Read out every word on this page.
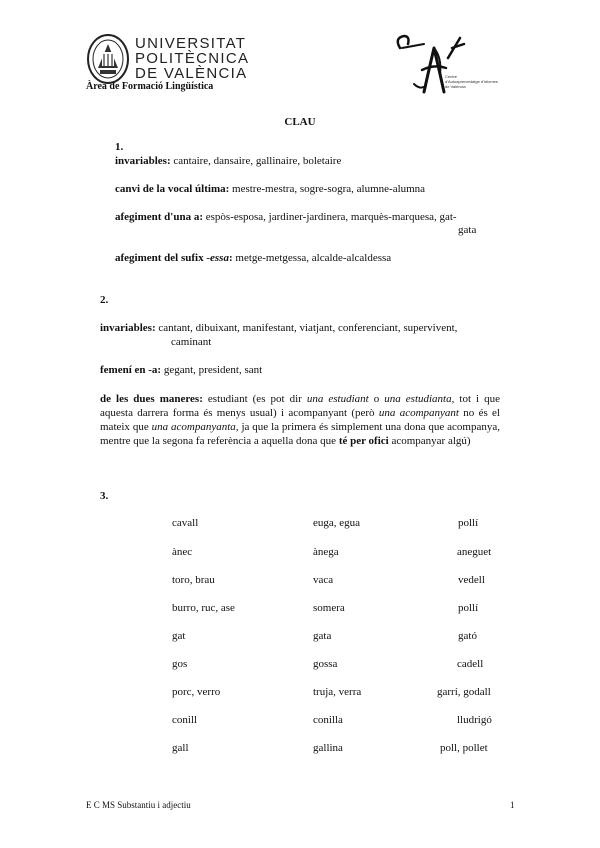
UNIVERSITAT
POLITÈCNICA
DE VALÈNCIA
Àrea de Formació Lingüística
Centre
d'Autoaprenentatge d'Idiomes
de València
CLAU
1.
invariables: cantaire, dansaire, gallinaire, boletaire
canvi de la vocal última: mestre-mestra, sogre-sogra, alumne-alumna
afegiment d'una a: espòs-esposa, jardiner-jardinera, marquès-marquesa, gat-
gata
afegiment del sufix -essa: metge-metgessa, alcalde-alcaldessa
2.
invariables: cantant, dibuixant, manifestant, viatjant, conferenciant, supervivent,
caminant
femení en -a: gegant, president, sant
de les dues maneres: estudiant (es pot dir una estudiant o una estudianta, tot i que aquesta darrera forma és menys usual) i acompanyant (però una acompanyant no és el mateix que una acompanyanta, ja que la primera és simplement una dona que acompanya, mentre que la segona fa referència a aquella dona que té per ofici acompanyar algú)
3.
cavall	euga, egua	pollí
ànec	ànega	aneguet
toro, brau	vaca	vedell
burro, ruc, ase	somera	pollí
gat	gata	gató
gos	gossa	cadell
porc, verro	truja, verra	garrí, godall
conill	conilla	lludrigó
gall	gallina	poll, pollet
E C MS Substantiu i adjectiu	1
